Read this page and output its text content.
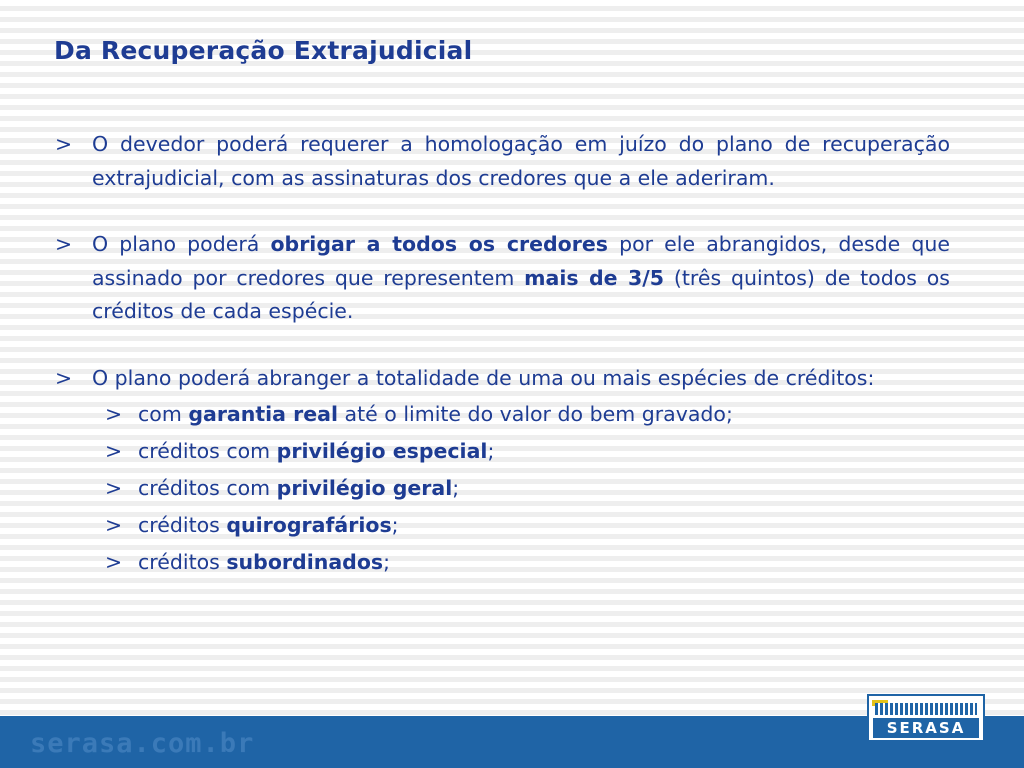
Da Recuperação Extrajudicial

> O devedor poderá requerer a homologação em juízo do plano de recuperação extrajudicial, com as assinaturas dos credores que a ele aderiram.

> O plano poderá obrigar a todos os credores por ele abrangidos, desde que assinado por credores que representem mais de 3/5 (três quintos) de todos os créditos de cada espécie.

> O plano poderá abranger a totalidade de uma ou mais espécies de créditos:

> com garantia real até o limite do valor do bem gravado;
> créditos com privilégio especial;
> créditos com privilégio geral;
> créditos quirografários;
> créditos subordinados;
serasa.com.br	SERASA
